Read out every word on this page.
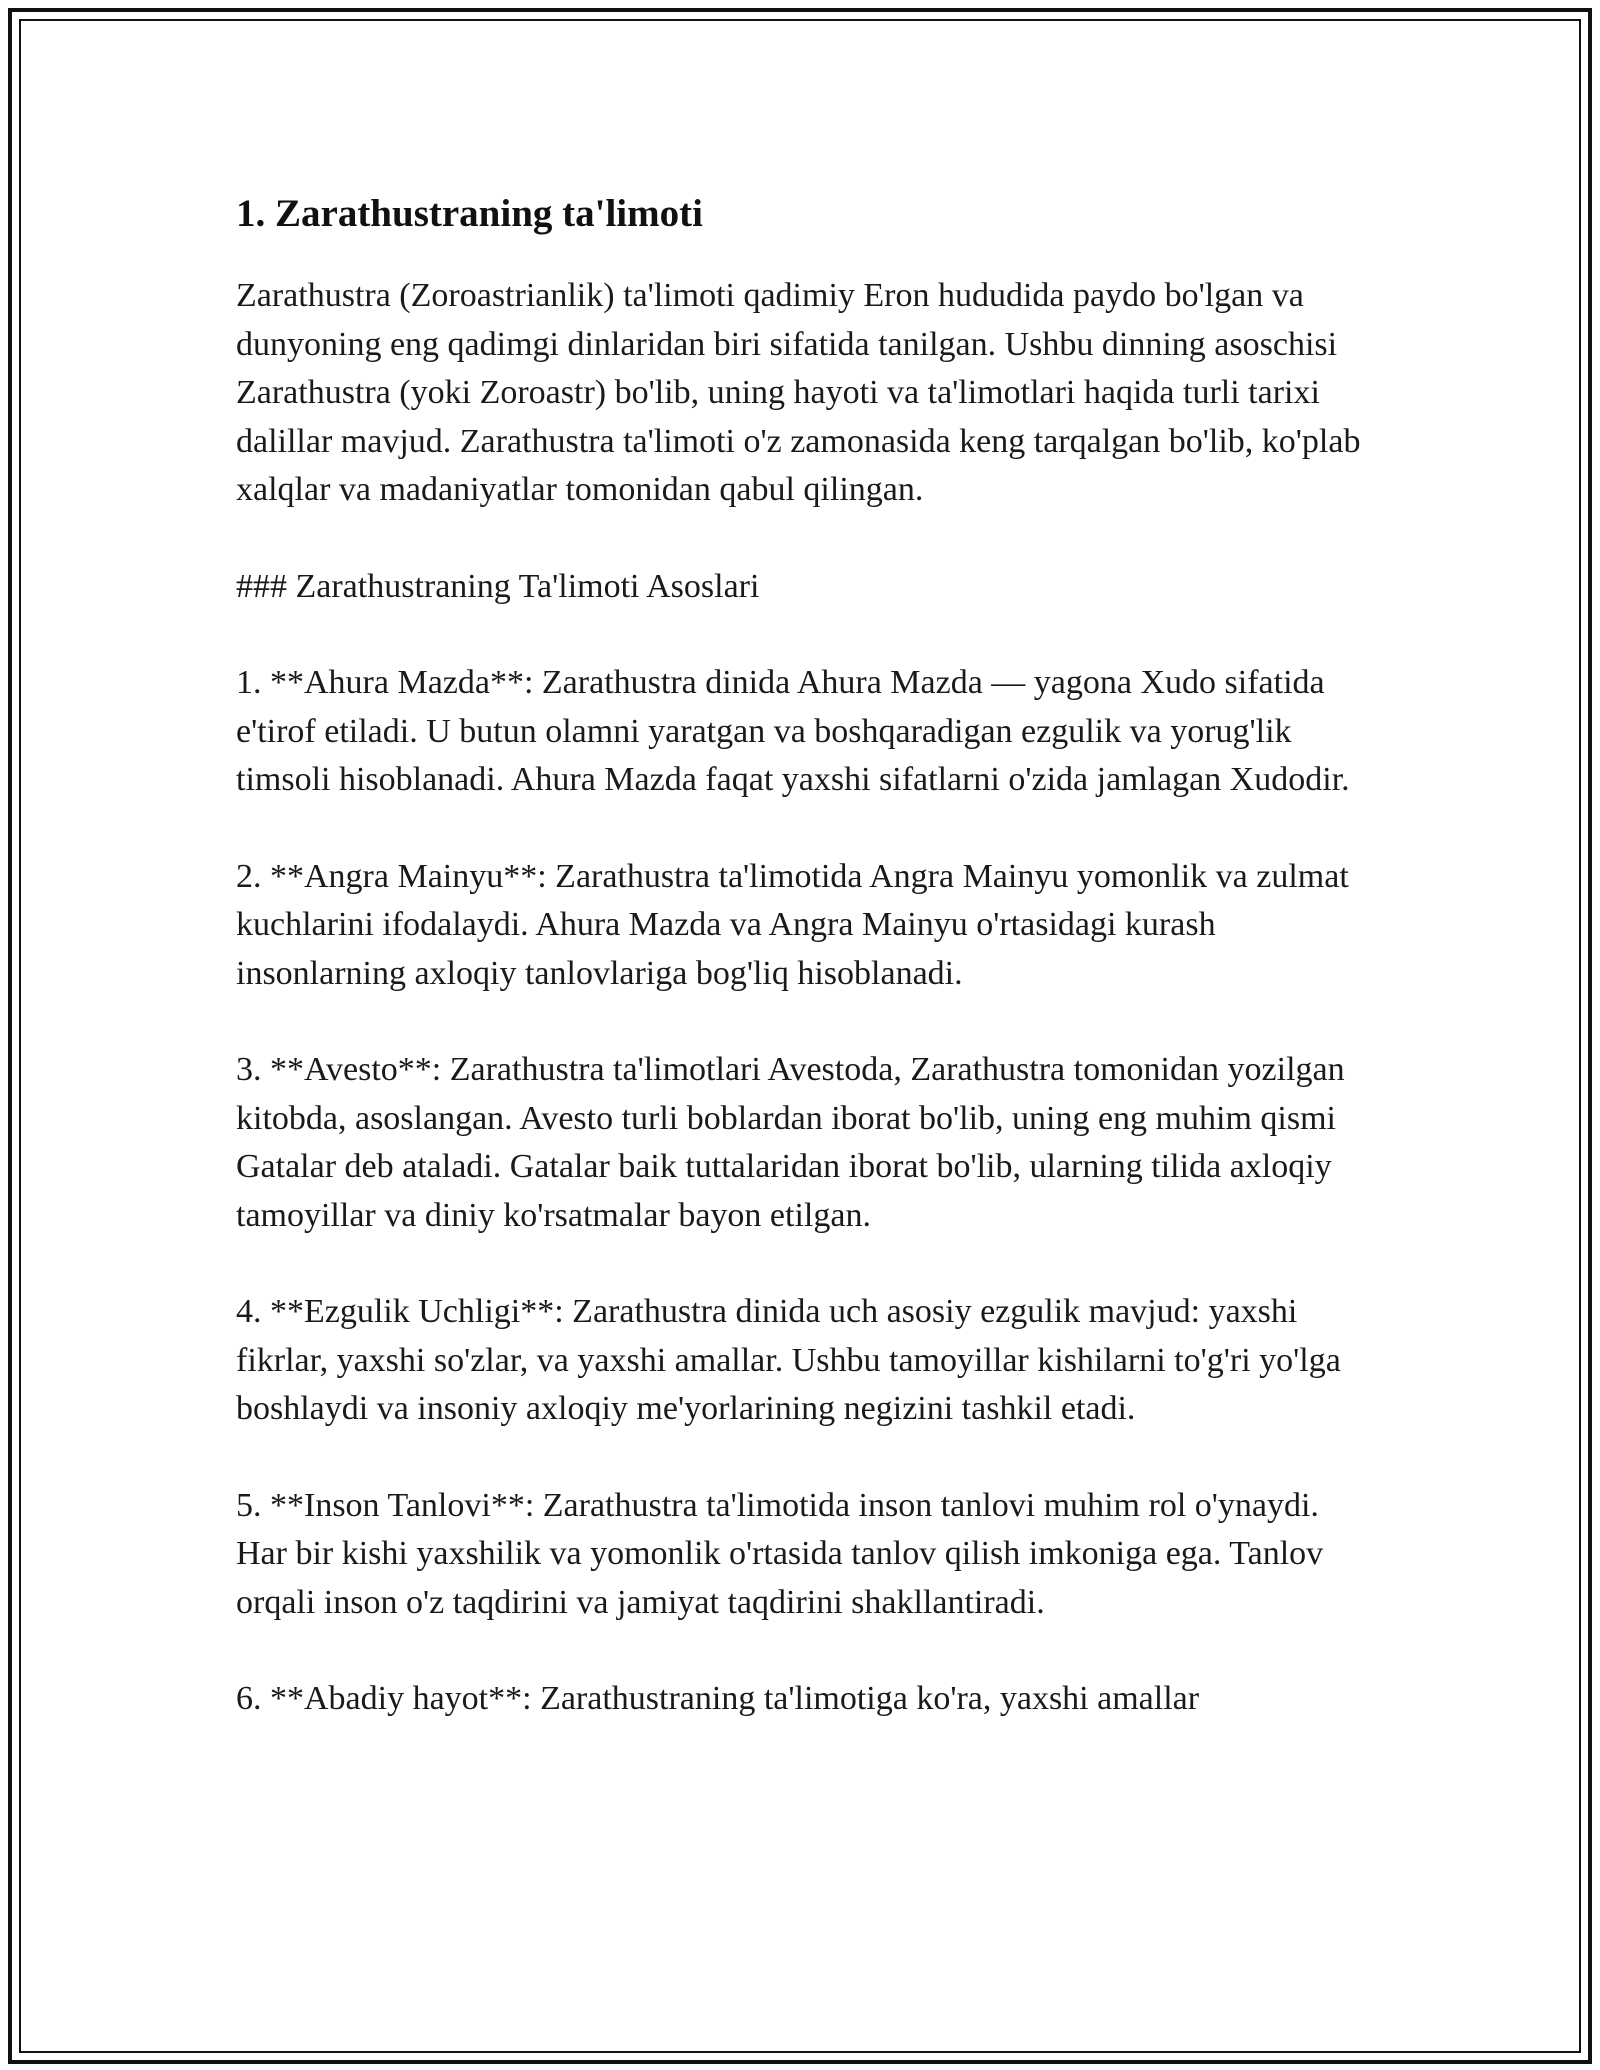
1. Zarathustraning ta'limoti

Zarathustra (Zoroastrianlik) ta'limoti qadimiy Eron hududida paydo bo'lgan va dunyoning eng qadimgi dinlaridan biri sifatida tanilgan. Ushbu dinning asoschisi Zarathustra (yoki Zoroastr) bo'lib, uning hayoti va ta'limotlari haqida turli tarixi dalillar mavjud. Zarathustra ta'limoti o'z zamonasida keng tarqalgan bo'lib, ko'plab xalqlar va madaniyatlar tomonidan qabul qilingan.

### Zarathustraning Ta'limoti Asoslari

1. **Ahura Mazda**: Zarathustra dinida Ahura Mazda — yagona Xudo sifatida e'tirof etiladi. U butun olamni yaratgan va boshqaradigan ezgulik va yorug'lik timsoli hisoblanadi. Ahura Mazda faqat yaxshi sifatlarni o'zida jamlagan Xudodir.

2. **Angra Mainyu**: Zarathustra ta'limotida Angra Mainyu yomonlik va zulmat kuchlarini ifodalaydi. Ahura Mazda va Angra Mainyu o'rtasidagi kurash insonlarning axloqiy tanlovlariga bog'liq hisoblanadi.

3. **Avesto**: Zarathustra ta'limotlari Avestoda, Zarathustra tomonidan yozilgan kitobda, asoslangan. Avesto turli boblardan iborat bo'lib, uning eng muhim qismi Gatalar deb ataladi. Gatalar baik tuttalaridan iborat bo'lib, ularning tilida axloqiy tamoyillar va diniy ko'rsatmalar bayon etilgan.

4. **Ezgulik Uchligi**: Zarathustra dinida uch asosiy ezgulik mavjud: yaxshi fikrlar, yaxshi so'zlar, va yaxshi amallar. Ushbu tamoyillar kishilarni to'g'ri yo'lga boshlaydi va insoniy axloqiy me'yorlarining negizini tashkil etadi.

5. **Inson Tanlovi**: Zarathustra ta'limotida inson tanlovi muhim rol o'ynaydi. Har bir kishi yaxshilik va yomonlik o'rtasida tanlov qilish imkoniga ega. Tanlov orqali inson o'z taqdirini va jamiyat taqdirini shakllantiradi.

6. **Abadiy hayot**: Zarathustraning ta'limotiga ko'ra, yaxshi amallar
